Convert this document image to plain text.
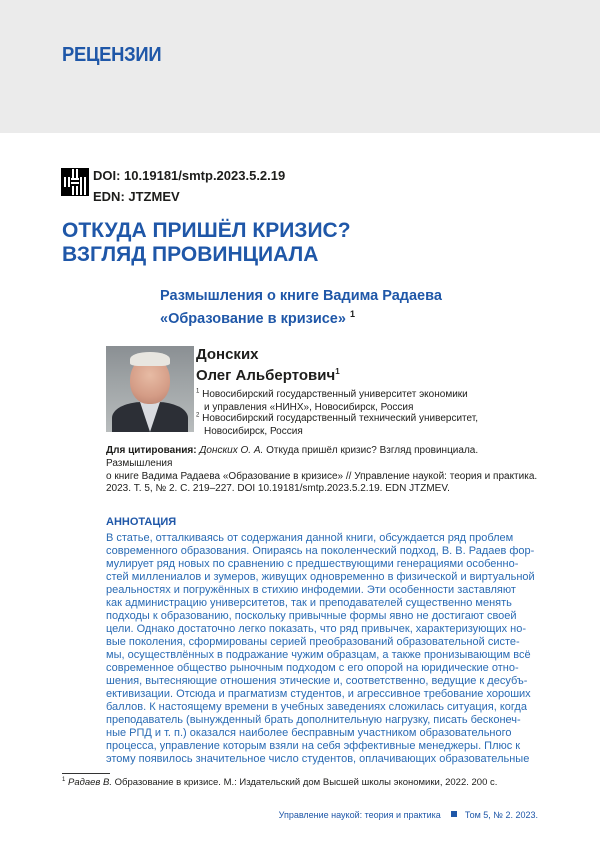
РЕЦЕНЗИИ
DOI: 10.19181/smtp.2023.5.2.19
EDN: JTZMEV
ОТКУДА ПРИШЁЛ КРИЗИС?
ВЗГЛЯД ПРОВИНЦИАЛА
Размышления о книге Вадима Радаева
«Образование в кризисе» $^1$
Донских
Олег Альбертович$^1$
$^1$ Новосибирский государственный университет экономики
и управления «НИНХ», Новосибирск, Россия
$^2$ Новосибирский государственный технический университет,
Новосибирск, Россия
Для цитирования: Донских О. А. Откуда пришёл кризис? Взгляд провинциала. Размышления
о книге Вадима Радаева «Образование в кризисе» // Управление наукой: теория и практика.
2023. Т. 5, № 2. С. 219–227. DOI 10.19181/smtp.2023.5.2.19. EDN JTZMEV.
АННОТАЦИЯ
В статье, отталкиваясь от содержания данной книги, обсуждается ряд проблем
современного образования. Опираясь на поколенческий подход, В. В. Радаев фор-
мулирует ряд новых по сравнению с предшествующими генерациями особенно-
стей миллениалов и зумеров, живущих одновременно в физической и виртуальной
реальностях и погружённых в стихию инфодемии. Эти особенности заставляют
как администрацию университетов, так и преподавателей существенно менять
подходы к образованию, поскольку привычные формы явно не достигают своей
цели. Однако достаточно легко показать, что ряд привычек, характеризующих но-
вые поколения, сформированы серией преобразований образовательной систе-
мы, осуществлённых в подражание чужим образцам, а также пронизывающим всё
современное общество рыночным подходом с его опорой на юридические отно-
шения, вытесняющие отношения этические и, соответственно, ведущие к десубъ-
ективизации. Отсюда и прагматизм студентов, и агрессивное требование хороших
баллов. К настоящему времени в учебных заведениях сложилась ситуация, когда
преподаватель (вынужденный брать дополнительную нагрузку, писать бесконеч-
ные РПД и т. п.) оказался наиболее бесправным участником образовательного
процесса, управление которым взяли на себя эффективные менеджеры. Плюс к
этому появилось значительное число студентов, оплачивающих образовательные
$^1$ Радаев В. Образование в кризисе. М.: Издательский дом Высшей школы экономики, 2022. 200 с.
Управление наукой: теория и практика	Том 5, № 2. 2023.
